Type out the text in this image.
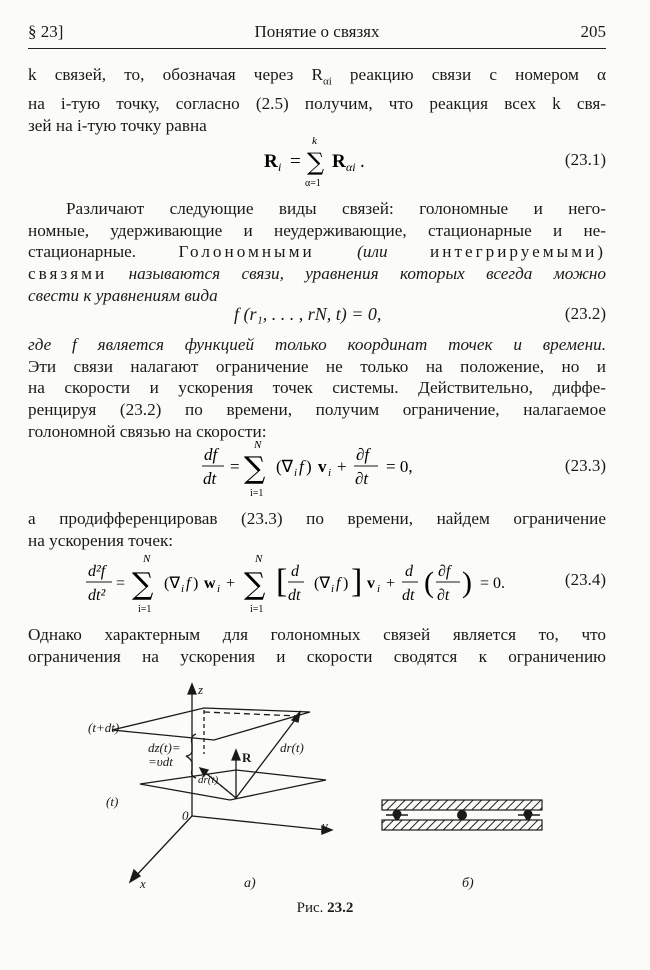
§ 23]	Понятие о связях	205
k связей, то, обозначая через $R_{\alpha i}$ реакцию связи с номером α
на i-тую точку, согласно (2.5) получим, что реакция всех k свя-
зей на i-тую точку равна
R i =
k
∑
α=1
R αi .	(23.1)
Различают следующие виды связей: голономные и него-
номные, удерживающие и неудерживающие, стационарные и не-
стационарные. Голономными (или интегрируемыми)
связями называются связи, уравнения которых всегда можно
свести к уравнениям вида
f (r₁, . . . , rN, t) = 0,	(23.2)
где f является функцией только координат точек и времени.
Эти связи налагают ограничение не только на положение, но и
на скорости и ускорения точек системы. Действительно, диффе-
ренцируя (23.2) по времени, получим ограничение, налагаемое
голономной связью на скорости:
df
dt
=
N
∑
i=1
(∇ i f ) v i +
∂f
∂t
= 0,	(23.3)
а продифференцировав (23.3) по времени, найдем ограничение
на ускорения точек:
d²f
dt²
=
N
∑
i=1
(∇ i f ) w i +
N
∑
i=1
[ d
dt
(∇ i f ) ] v i +
d
dt ( ∂f
∂t ) = 0.	(23.4)
Однако характерным для голономных связей является то, что
ограничения на ускорения и скорости сводятся к ограничению
z
y
x
0
(t)
(t+dt)
dz(t)=
=υdt	R
dr(t)
dr(t)
а)	б)
Рис. 23.2
